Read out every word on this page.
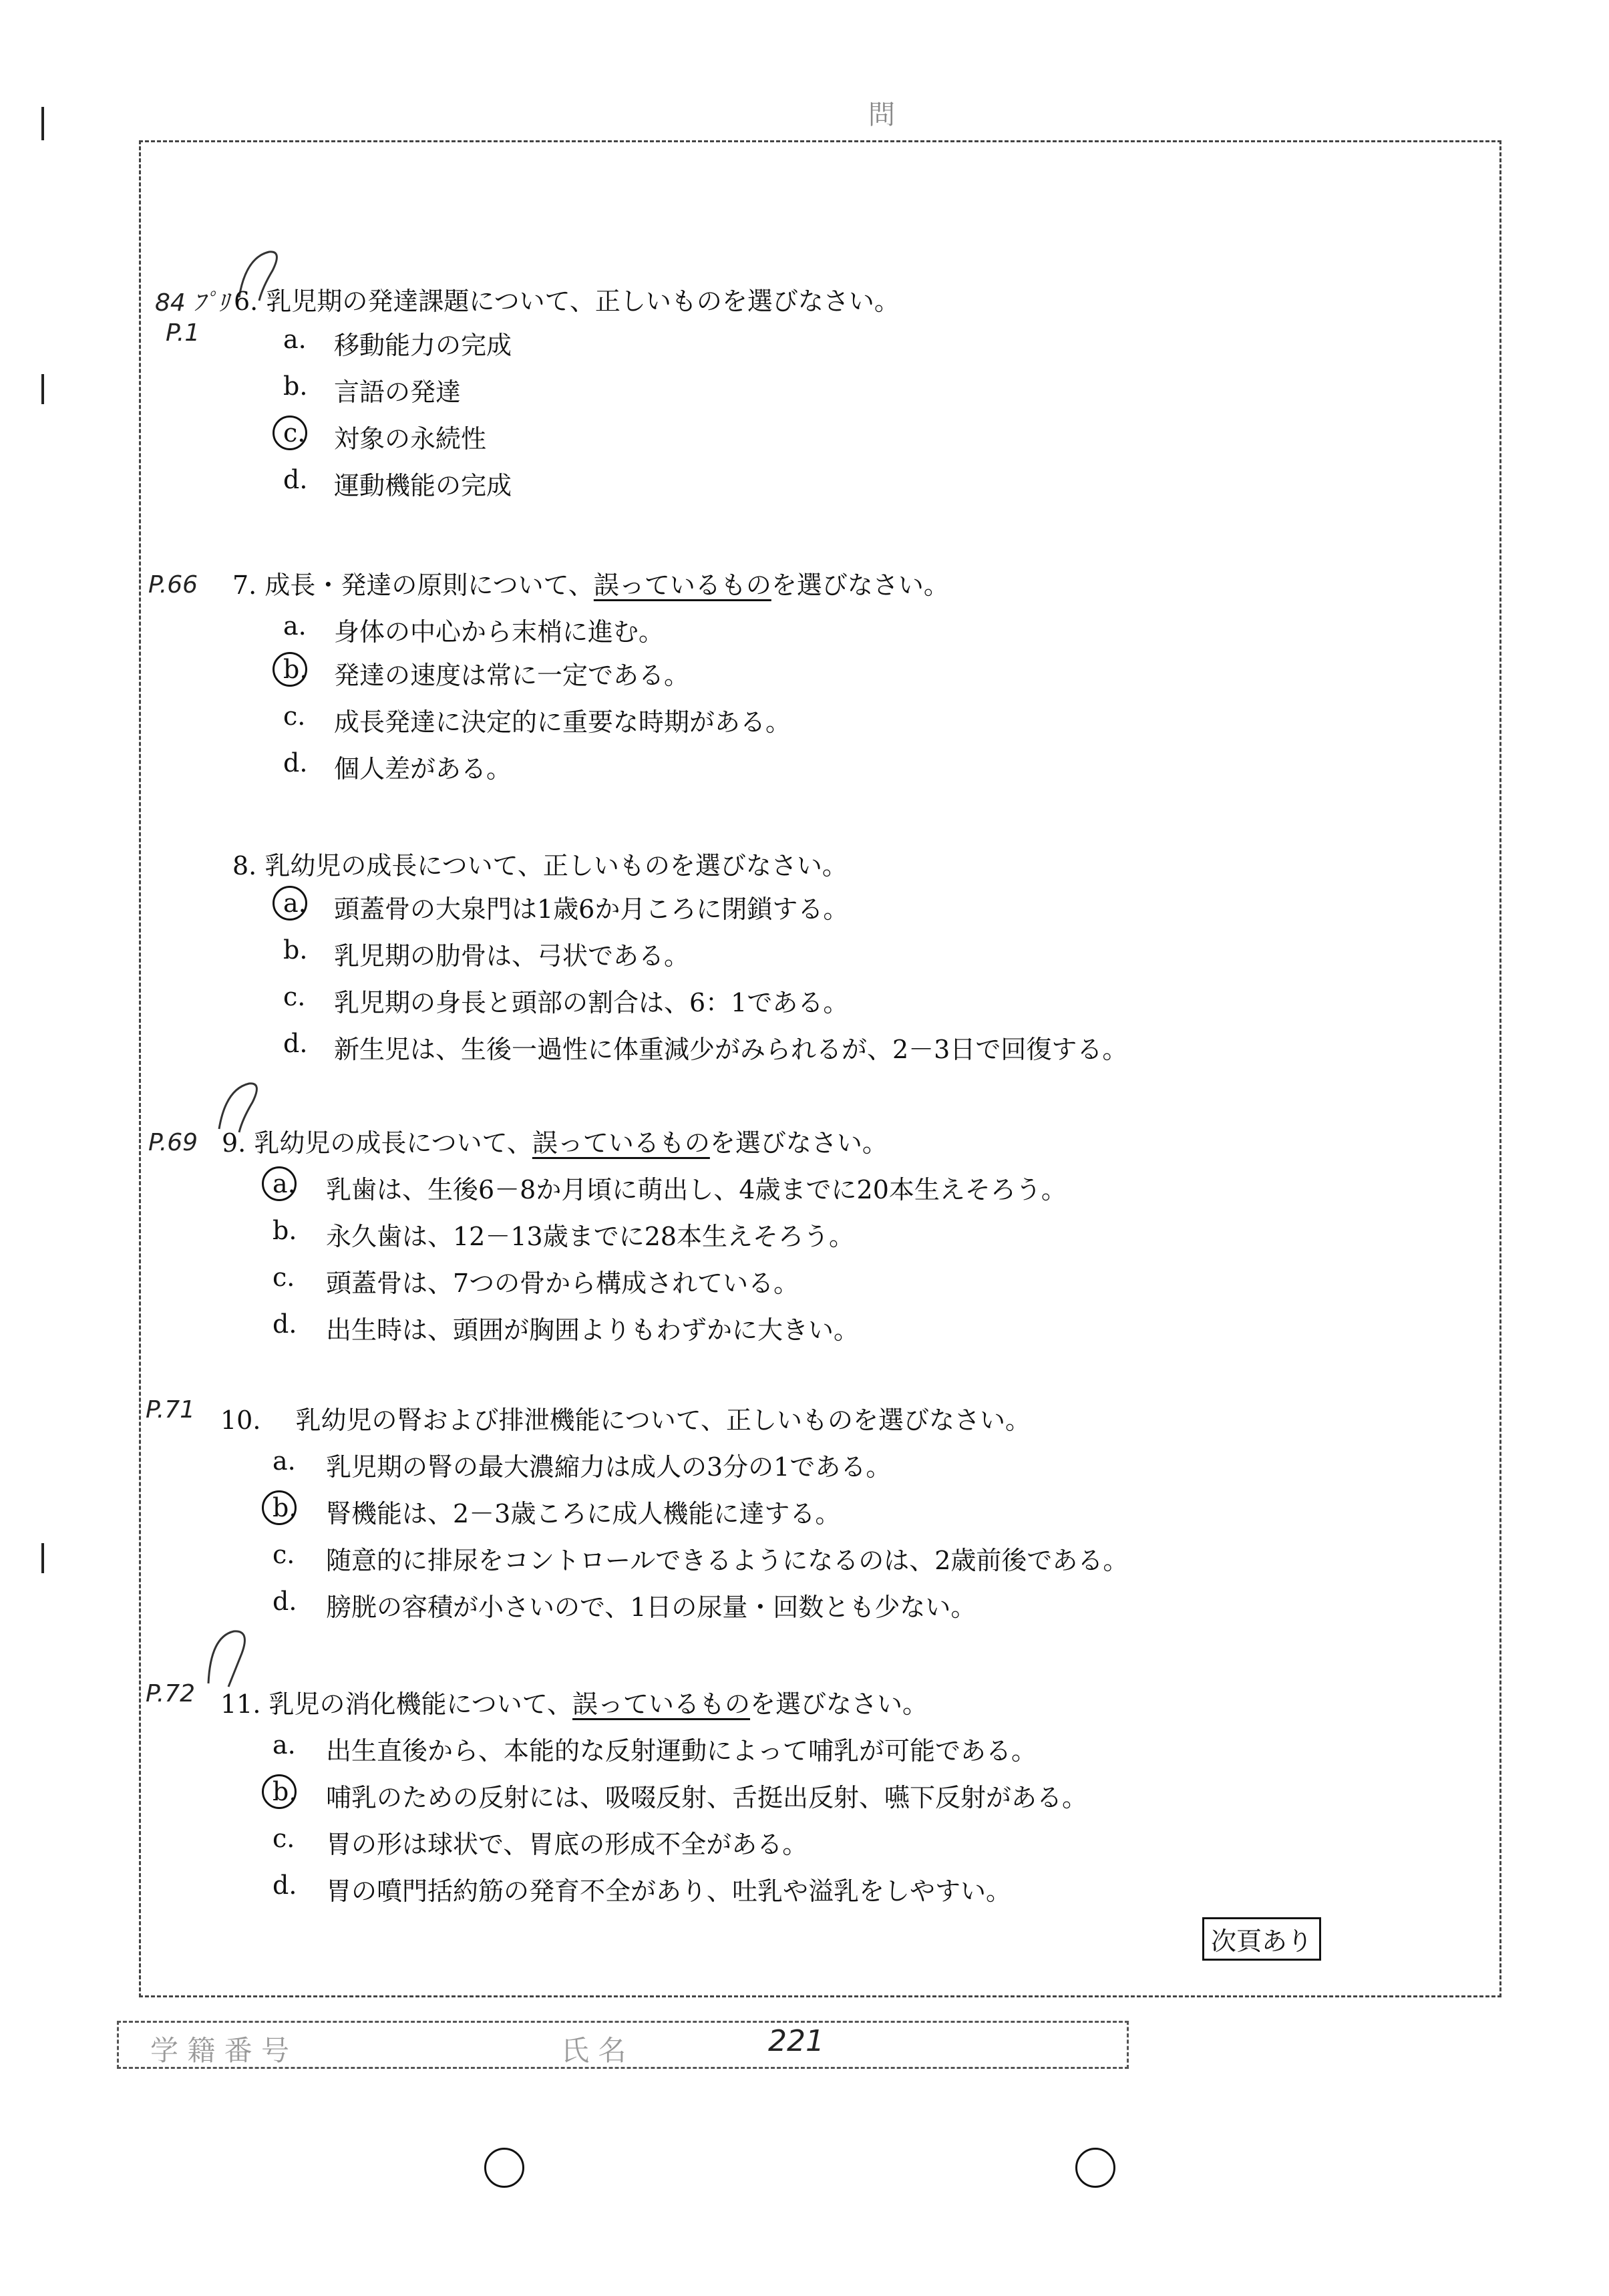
問
84 ﾌﾟﾘ
P.1
6. 乳児期の発達課題について、正しいものを選びなさい。
a. 移動能力の完成
b. 言語の発達
c. 対象の永続性
d. 運動機能の完成
P.66 7. 成長・発達の原則について、誤っているものを選びなさい。
a. 身体の中心から末梢に進む。
b. 発達の速度は常に一定である。
c. 成長発達に決定的に重要な時期がある。
d. 個人差がある。
8. 乳幼児の成長について、正しいものを選びなさい。
a. 頭蓋骨の大泉門は1歳6か月ころに閉鎖する。
b. 乳児期の肋骨は、弓状である。
c. 乳児期の身長と頭部の割合は、6：1である。
d. 新生児は、生後一過性に体重減少がみられるが、2－3日で回復する。
P.69 9. 乳幼児の成長について、誤っているものを選びなさい。
a. 乳歯は、生後6－8か月頃に萌出し、4歳までに20本生えそろう。
b. 永久歯は、12－13歳までに28本生えそろう。
c. 頭蓋骨は、7つの骨から構成されている。
d. 出生時は、頭囲が胸囲よりもわずかに大きい。
P.71 10. 乳幼児の腎および排泄機能について、正しいものを選びなさい。
a. 乳児期の腎の最大濃縮力は成人の3分の1である。
b. 腎機能は、2－3歳ころに成人機能に達する。
c. 随意的に排尿をコントロールできるようになるのは、2歳前後である。
d. 膀胱の容積が小さいので、1日の尿量・回数とも少ない。
P.72 11. 乳児の消化機能について、誤っているものを選びなさい。
a. 出生直後から、本能的な反射運動によって哺乳が可能である。
b. 哺乳のための反射には、吸啜反射、舌挺出反射、嚥下反射がある。
c. 胃の形は球状で、胃底の形成不全がある。
d. 胃の噴門括約筋の発育不全があり、吐乳や溢乳をしやすい。
次頁あり
学 籍 番 号	氏 名	221
